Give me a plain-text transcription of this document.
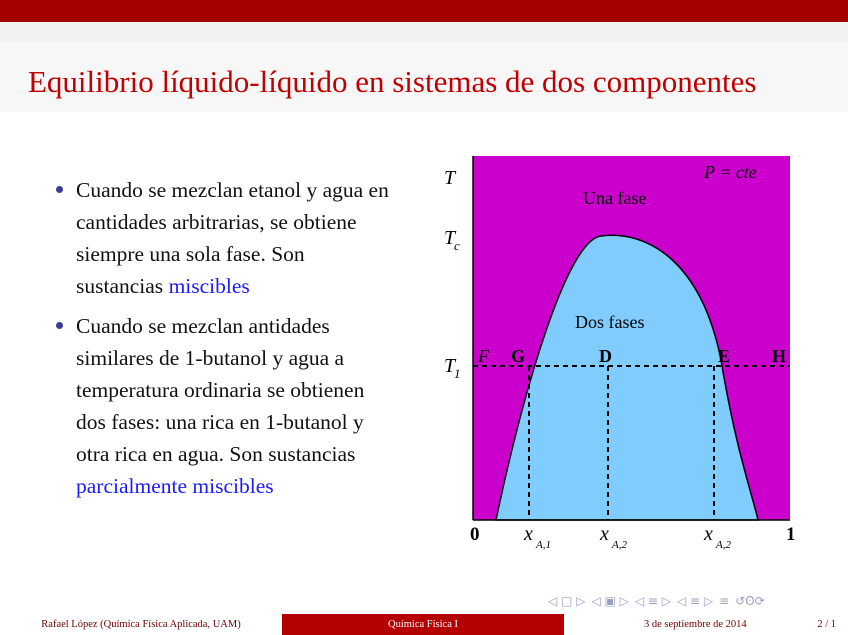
Equilibrio líquido-líquido en sistemas de dos componentes
Cuando se mezclan etanol y agua en cantidades arbitrarias, se obtiene siempre una sola fase. Son sustancias miscibles
Cuando se mezclan antidades similares de 1-butanol y agua a temperatura ordinaria se obtienen dos fases: una rica en 1-butanol y otra rica en agua. Son sustancias parcialmente miscibles
P = cte
Una fase
Dos fases
T
T
c
T
1
F G	D	E H
0	1
x A,1 x A,2	x A,2
◁ □ ▷ ◁ ▣ ▷ ◁ ≡ ▷ ◁ ≡ ▷ ≡ ↺ʘ⟳
Rafael López (Química Física Aplicada, UAM)	Química Física I	3 de septiembre de 2014	2 / 1
